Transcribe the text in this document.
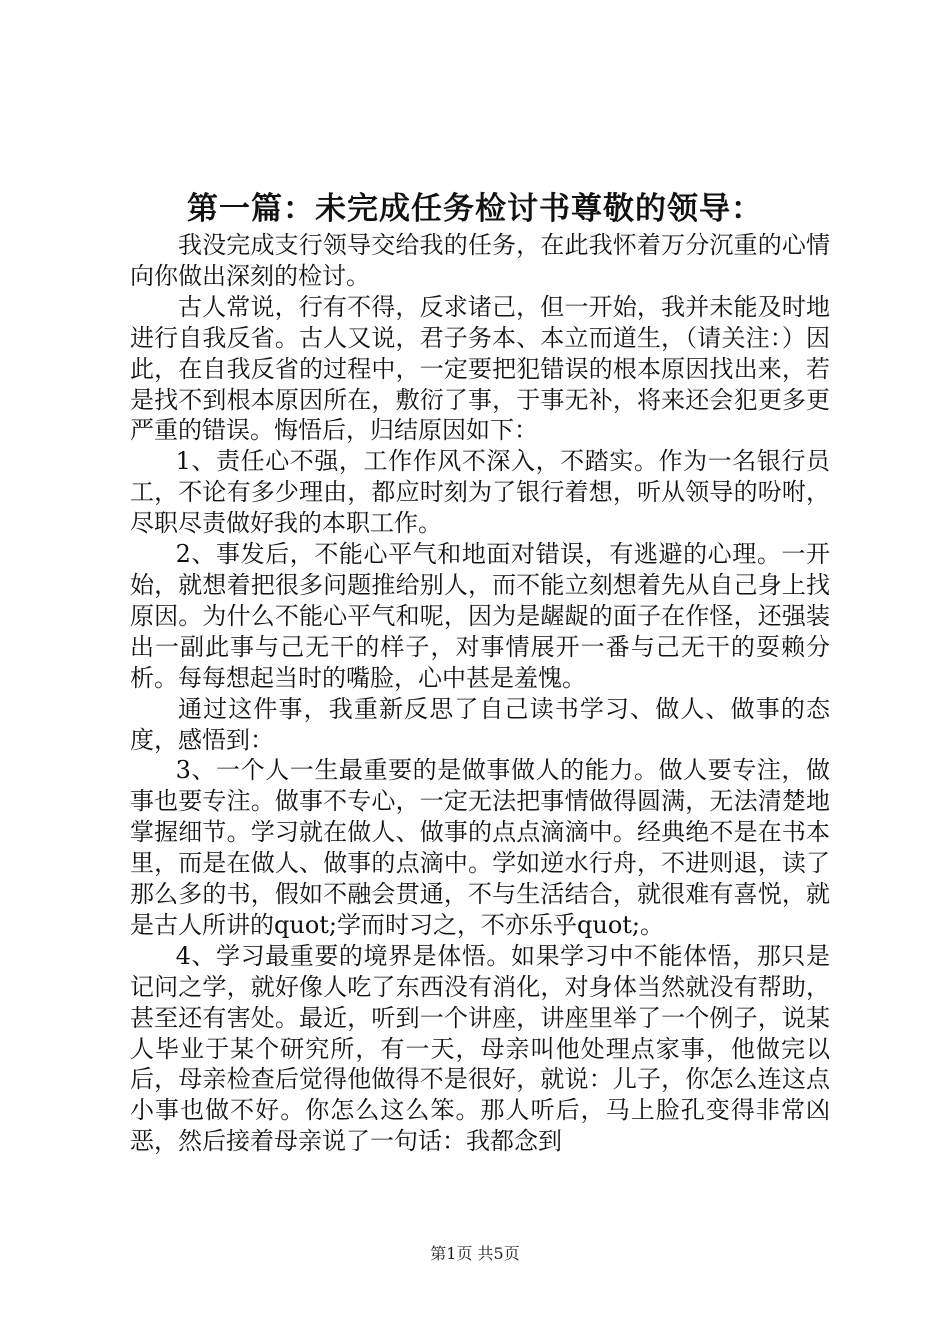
第一篇：未完成任务检讨书尊敬的领导：

我没完成支行领导交给我的任务，在此我怀着万分沉重的心情向你做出深刻的检讨。

古人常说，行有不得，反求诸己，但一开始，我并未能及时地进行自我反省。古人又说，君子务本、本立而道生，（请关注：）因此，在自我反省的过程中，一定要把犯错误的根本原因找出来，若是找不到根本原因所在，敷衍了事，于事无补，将来还会犯更多更严重的错误。悔悟后，归结原因如下：

1、责任心不强，工作作风不深入，不踏实。作为一名银行员工，不论有多少理由，都应时刻为了银行着想，听从领导的吩咐，尽职尽责做好我的本职工作。

2、事发后，不能心平气和地面对错误，有逃避的心理。一开始，就想着把很多问题推给别人，而不能立刻想着先从自己身上找原因。为什么不能心平气和呢，因为是龌龊的面子在作怪，还强装出一副此事与己无干的样子，对事情展开一番与己无干的耍赖分析。每每想起当时的嘴脸，心中甚是羞愧。

通过这件事，我重新反思了自己读书学习、做人、做事的态度，感悟到：

3、一个人一生最重要的是做事做人的能力。做人要专注，做事也要专注。做事不专心，一定无法把事情做得圆满，无法清楚地掌握细节。学习就在做人、做事的点点滴滴中。经典绝不是在书本里，而是在做人、做事的点滴中。学如逆水行舟，不进则退，读了那么多的书，假如不融会贯通，不与生活结合，就很难有喜悦，就是古人所讲的quot;学而时习之，不亦乐乎quot;。

4、学习最重要的境界是体悟。如果学习中不能体悟，那只是记问之学，就好像人吃了东西没有消化，对身体当然就没有帮助，甚至还有害处。最近，听到一个讲座，讲座里举了一个例子，说某人毕业于某个研究所，有一天，母亲叫他处理点家事，他做完以后，母亲检查后觉得他做得不是很好，就说：儿子，你怎么连这点小事也做不好。你怎么这么笨。那人听后，马上脸孔变得非常凶恶，然后接着母亲说了一句话：我都念到

第1页 共5页
